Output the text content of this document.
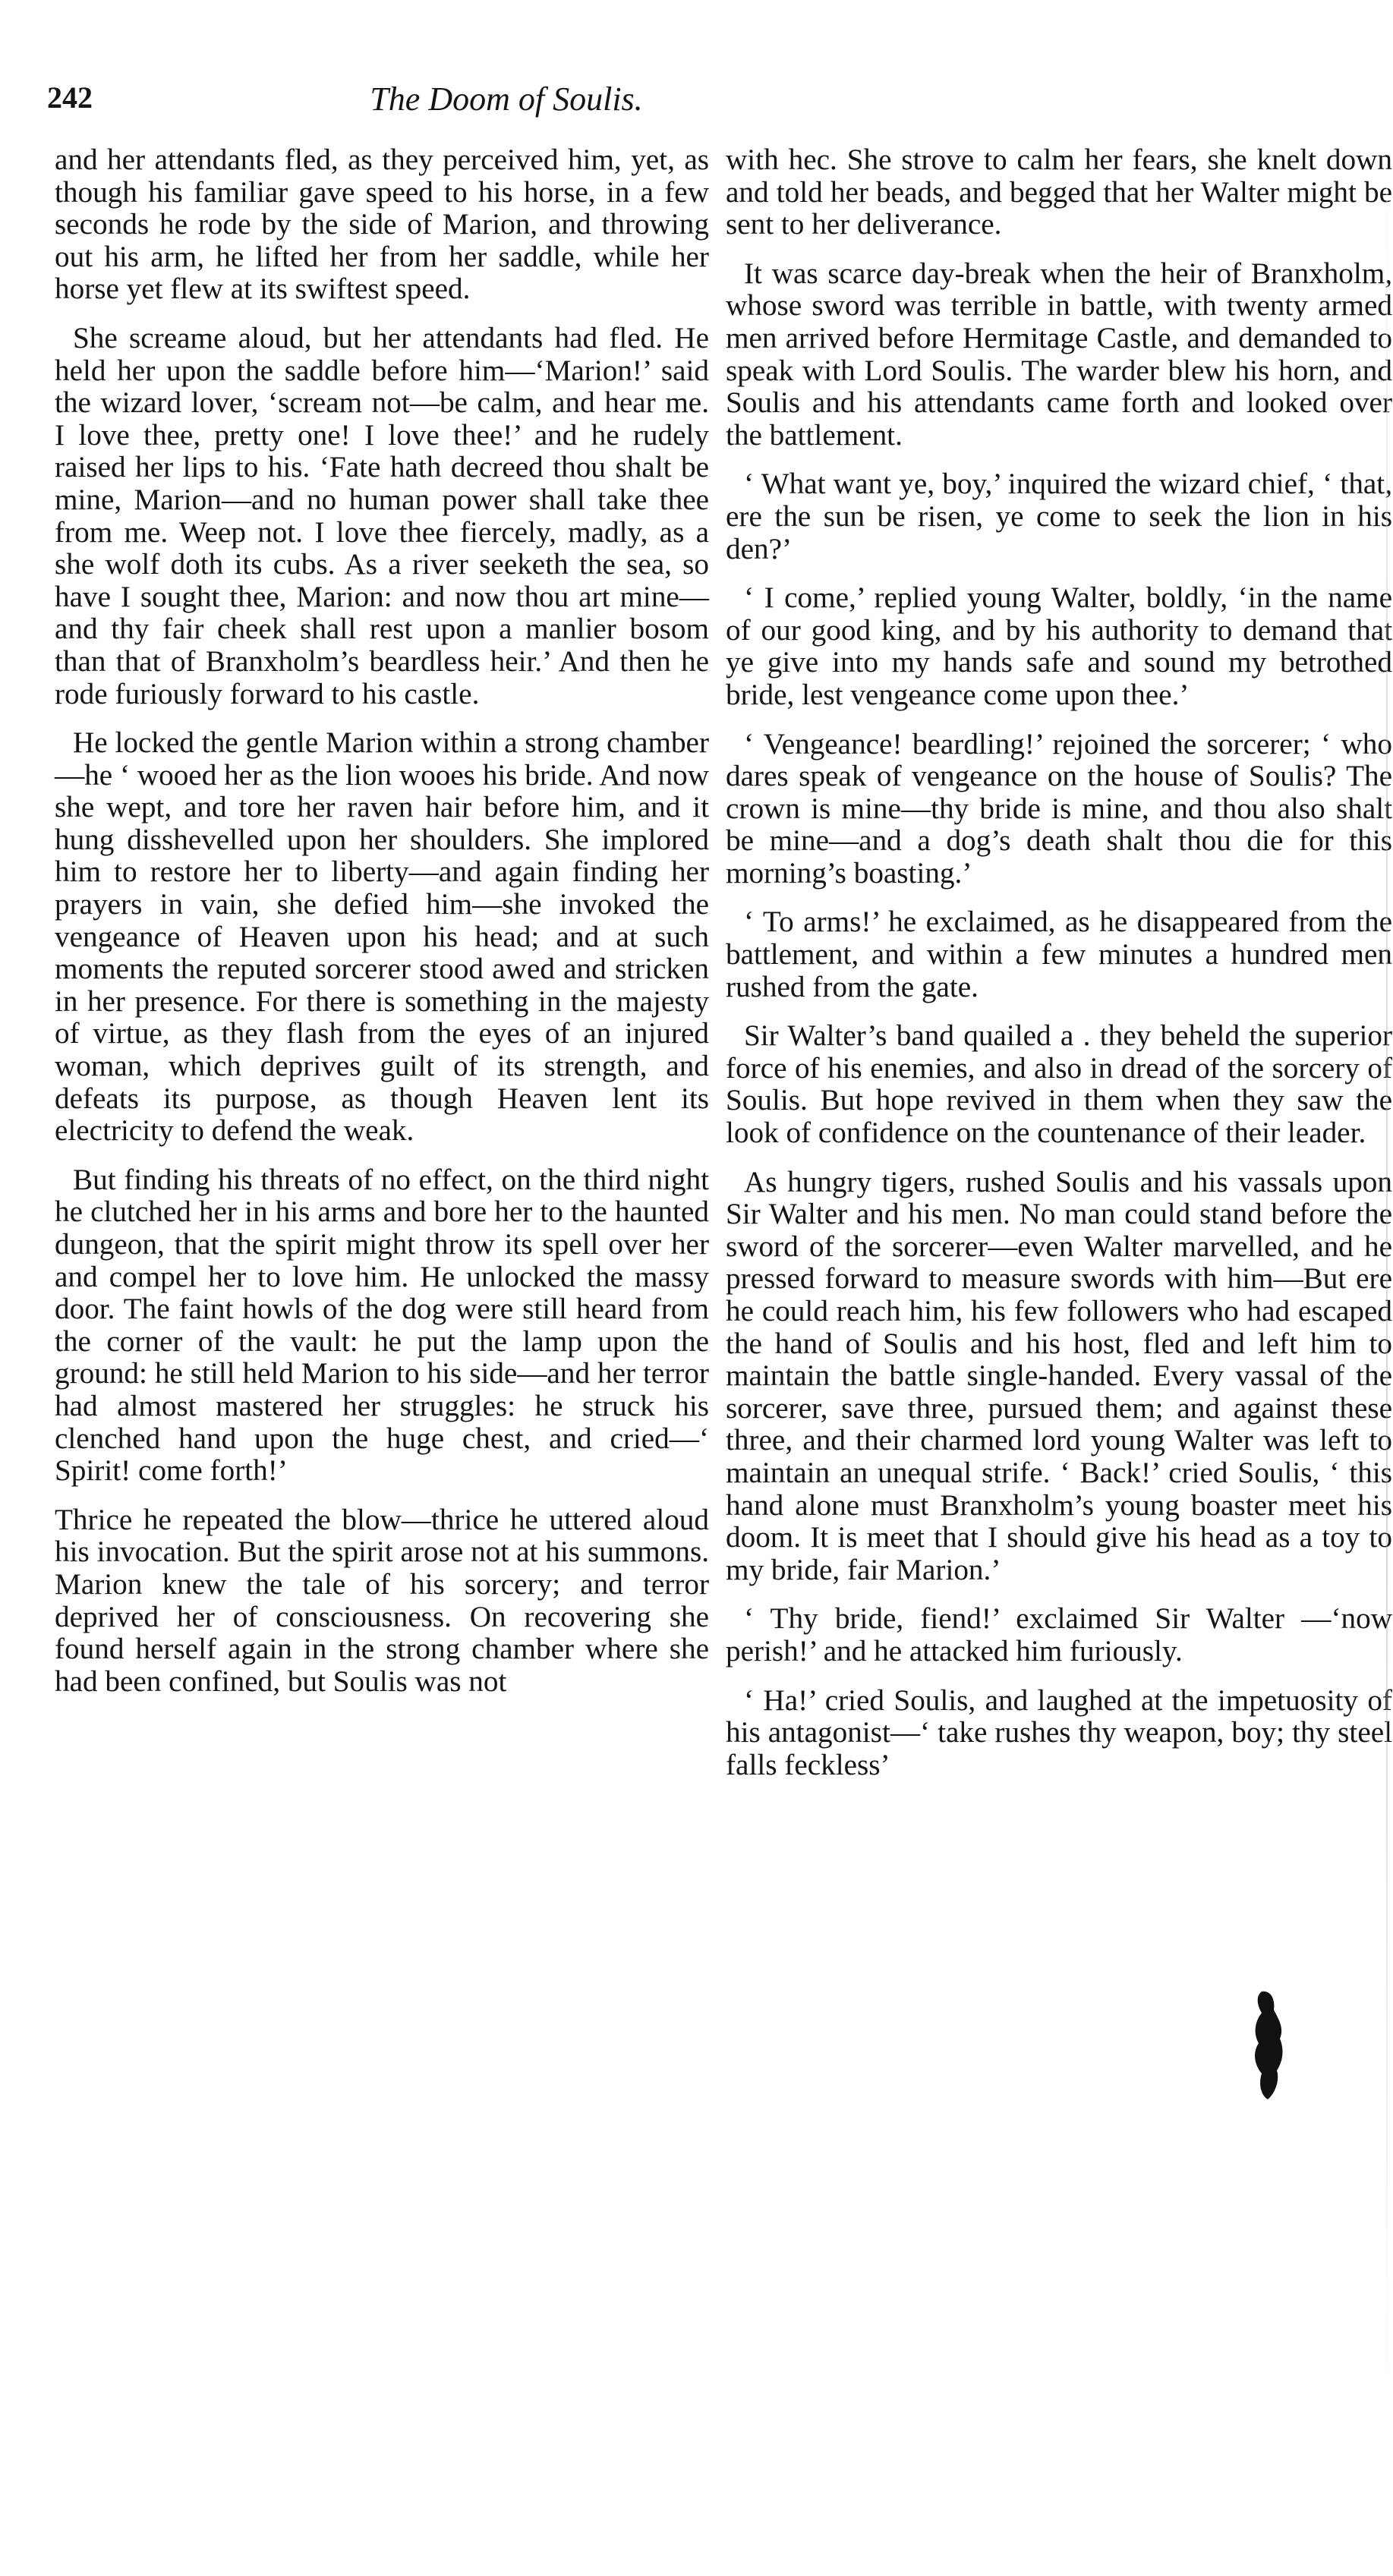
242	The Doom of Soulis.

and her attendants fled, as they perceived him, yet, as though his familiar gave speed to his horse, in a few seconds he rode by the side of Marion, and throwing out his arm, he lifted her from her saddle, while her horse yet flew at its swiftest speed.

She screame aloud, but her attendants had fled. He held her upon the saddle before him—‘Marion!’ said the wizard lover, ‘scream not—be calm, and hear me. I love thee, pretty one! I love thee!’ and he rudely raised her lips to his. ‘Fate hath decreed thou shalt be mine, Marion—and no human power shall take thee from me. Weep not. I love thee fiercely, madly, as a she wolf doth its cubs. As a river seeketh the sea, so have I sought thee, Marion: and now thou art mine—and thy fair cheek shall rest upon a manlier bosom than that of Branxholm’s beardless heir.’ And then he rode furiously forward to his castle.

He locked the gentle Marion within a strong chamber—he ‘ wooed her as the lion wooes his bride. And now she wept, and tore her raven hair before him, and it hung disshevelled upon her shoulders. She implored him to restore her to liberty—and again finding her prayers in vain, she defied him—she invoked the vengeance of Heaven upon his head; and at such moments the reputed sorcerer stood awed and stricken in her presence. For there is something in the majesty of virtue, as they flash from the eyes of an injured woman, which deprives guilt of its strength, and defeats its purpose, as though Heaven lent its electricity to defend the weak.

But finding his threats of no effect, on the third night he clutched her in his arms and bore her to the haunted dungeon, that the spirit might throw its spell over her and compel her to love him. He unlocked the massy door. The faint howls of the dog were still heard from the corner of the vault: he put the lamp upon the ground: he still held Marion to his side—and her terror had almost mastered her struggles: he struck his clenched hand upon the huge chest, and cried—‘ Spirit! come forth!’

Thrice he repeated the blow—thrice he uttered aloud his invocation. But the spirit arose not at his summons. Marion knew the tale of his sorcery; and terror deprived her of consciousness. On recovering she found herself again in the strong chamber where she had been confined, but Soulis was not

with hec. She strove to calm her fears, she knelt down and told her beads, and begged that her Walter might be sent to her deliverance.

It was scarce day-break when the heir of Branxholm, whose sword was terrible in battle, with twenty armed men arrived before Hermitage Castle, and demanded to speak with Lord Soulis. The warder blew his horn, and Soulis and his attendants came forth and looked over the battlement.

‘ What want ye, boy,’ inquired the wizard chief, ‘ that, ere the sun be risen, ye come to seek the lion in his den?’

‘ I come,’ replied young Walter, boldly, ‘in the name of our good king, and by his authority to demand that ye give into my hands safe and sound my betrothed bride, lest vengeance come upon thee.’

‘ Vengeance! beardling!’ rejoined the sorcerer; ‘ who dares speak of vengeance on the house of Soulis? The crown is mine—thy bride is mine, and thou also shalt be mine—and a dog’s death shalt thou die for this morning’s boasting.’

‘ To arms!’ he exclaimed, as he disappeared from the battlement, and within a few minutes a hundred men rushed from the gate.

Sir Walter’s band quailed a . they beheld the superior force of his enemies, and also in dread of the sorcery of Soulis. But hope revived in them when they saw the look of confidence on the countenance of their leader.

As hungry tigers, rushed Soulis and his vassals upon Sir Walter and his men. No man could stand before the sword of the sorcerer—even Walter marvelled, and he pressed forward to measure swords with him—But ere he could reach him, his few followers who had escaped the hand of Soulis and his host, fled and left him to maintain the battle single-handed. Every vassal of the sorcerer, save three, pursued them; and against these three, and their charmed lord young Walter was left to maintain an unequal strife. ‘ Back!’ cried Soulis, ‘ this hand alone must Branxholm’s young boaster meet his doom. It is meet that I should give his head as a toy to my bride, fair Marion.’

‘ Thy bride, fiend!’ exclaimed Sir Walter —‘now perish!’ and he attacked him furiously.

‘ Ha!’ cried Soulis, and laughed at the impetuosity of his antagonist—‘ take rushes thy weapon, boy; thy steel falls feckless’
